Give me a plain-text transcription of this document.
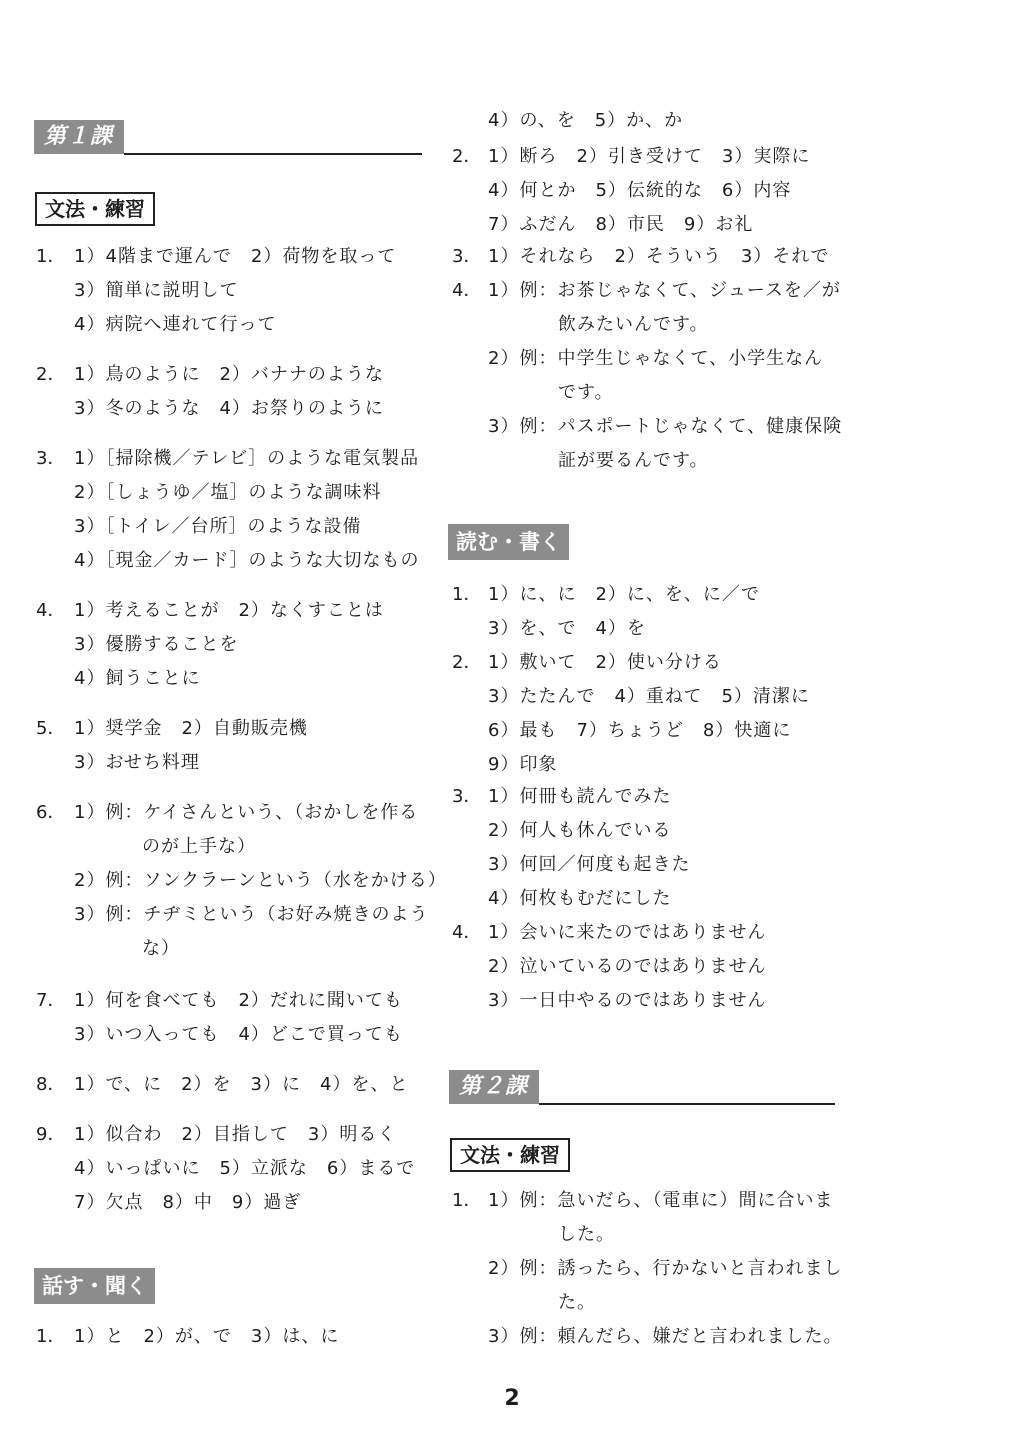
第１課
文法・練習
1． 1）4階まで運んで　2）荷物を取って
3）簡単に説明して
4）病院へ連れて行って
2． 1）鳥のように　2）バナナのような
3）冬のような　4）お祭りのように
3． 1）［掃除機／テレビ］のような電気製品
2）［しょうゆ／塩］のような調味料
3）［トイレ／台所］のような設備
4）［現金／カード］のような大切なもの
4． 1）考えることが　2）なくすことは
3）優勝することを
4）飼うことに
5． 1）奨学金　2）自動販売機
3）おせち料理
6． 1）例：ケイさんという、（おかしを作る
のが上手な）
2）例：ソンクラーンという（水をかける）
3）例：チヂミという（お好み焼きのよう
な）
7． 1）何を食べても　2）だれに聞いても
3）いつ入っても　4）どこで買っても
8． 1）で、に　2）を　3）に　4）を、と
9． 1）似合わ　2）目指して　3）明るく
4）いっぱいに　5）立派な　6）まるで
7）欠点　8）中　9）過ぎ
話す・聞く
1． 1）と　2）が、で　3）は、に
4）の、を　5）か、か
2． 1）断ろ　2）引き受けて　3）実際に
4）何とか　5）伝統的な　6）内容
7）ふだん　8）市民　9）お礼
3． 1）それなら　2）そういう　3）それで
4． 1）例：お茶じゃなくて、ジュースを／が
飲みたいんです。
2）例：中学生じゃなくて、小学生なん
です。
3）例：パスポートじゃなくて、健康保険
証が要るんです。
読む・書く
1． 1）に、に　2）に、を、に／で
3）を、で　4）を
2． 1）敷いて　2）使い分ける
3）たたんで　4）重ねて　5）清潔に
6）最も　7）ちょうど　8）快適に
9）印象
3． 1）何冊も読んでみた
2）何人も休んでいる
3）何回／何度も起きた
4）何枚もむだにした
4． 1）会いに来たのではありません
2）泣いているのではありません
3）一日中やるのではありません
第２課
文法・練習
1． 1）例：急いだら、（電車に）間に合いま
した。
2）例：誘ったら、行かないと言われまし
た。
3）例：頼んだら、嫌だと言われました。
2
